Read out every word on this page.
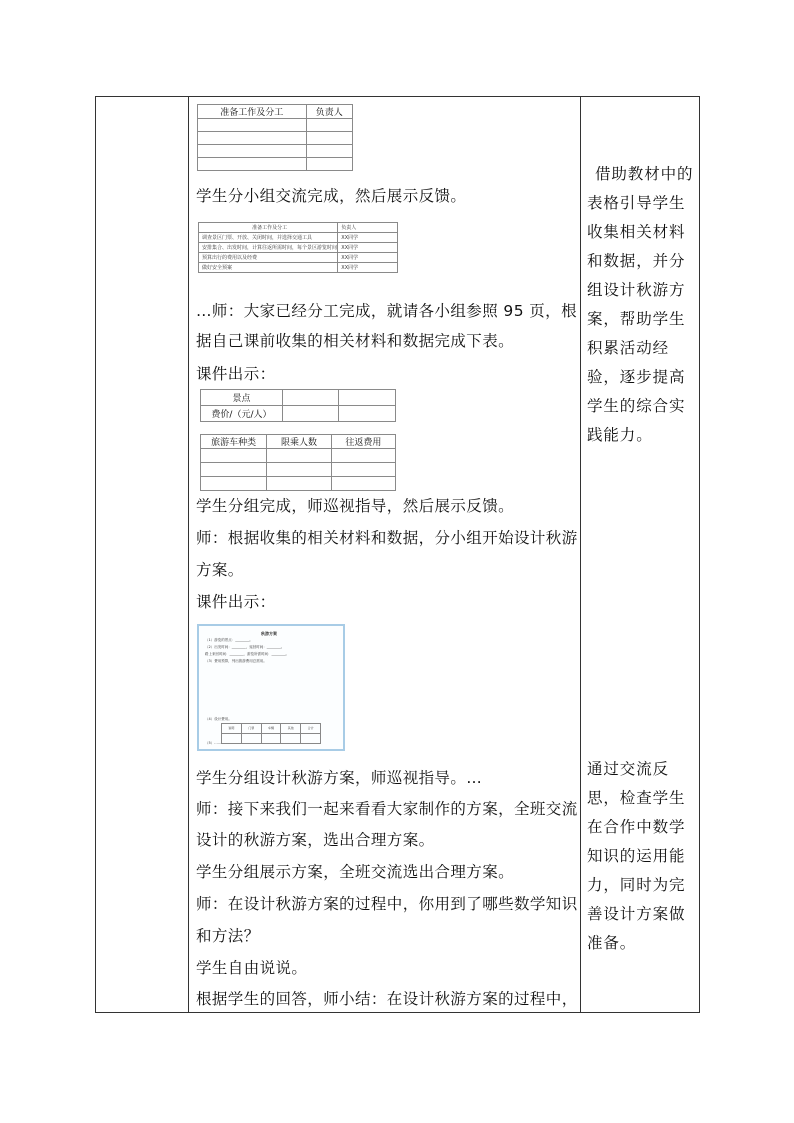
准备工作及分工	负责人

学生分小组交流完成，然后展示反馈。
准备工作及分工	负责人
调查景区门票、开放、关闭时间，并选择交通工具	XX同学
安排集合、出发时间，计算往返所需时间，每个景区游览时间	XX同学
预算出行的费用以及经费	XX同学
做好安全预案	XX同学
…师：大家已经分工完成，就请各小组参照 95 页，根
据自己课前收集的相关材料和数据完成下表。
课件出示：
景点		
费价/（元/人）		
旅游车种类	限乘人数	往返费用

学生分组完成，师巡视指导，然后展示反馈。
师：根据收集的相关材料和数据，分小组开始设计秋游
方案。
课件出示：
秋游方案
（1）游览的景点：________。
（2）出发时间：________，返回时间：________。
路上来回时间：________，游览所需时间：________。
（3）费用预算，列出旅游费用总需用。
（4）设计费用。
说明	门票	车辆	其他	合计

（5）……
学生分组设计秋游方案，师巡视指导。…
师：接下来我们一起来看看大家制作的方案，全班交流
设计的秋游方案，选出合理方案。
学生分组展示方案，全班交流选出合理方案。
师：在设计秋游方案的过程中，你用到了哪些数学知识
和方法？
学生自由说说。
根据学生的回答，师小结：在设计秋游方案的过程中，
借助教材中的表格引导学生收集相关材料和数据，并分组设计秋游方案，帮助学生积累活动经验，逐步提高学生的综合实践能力。
通过交流反思，检查学生在合作中数学知识的运用能力，同时为完善设计方案做准备。
